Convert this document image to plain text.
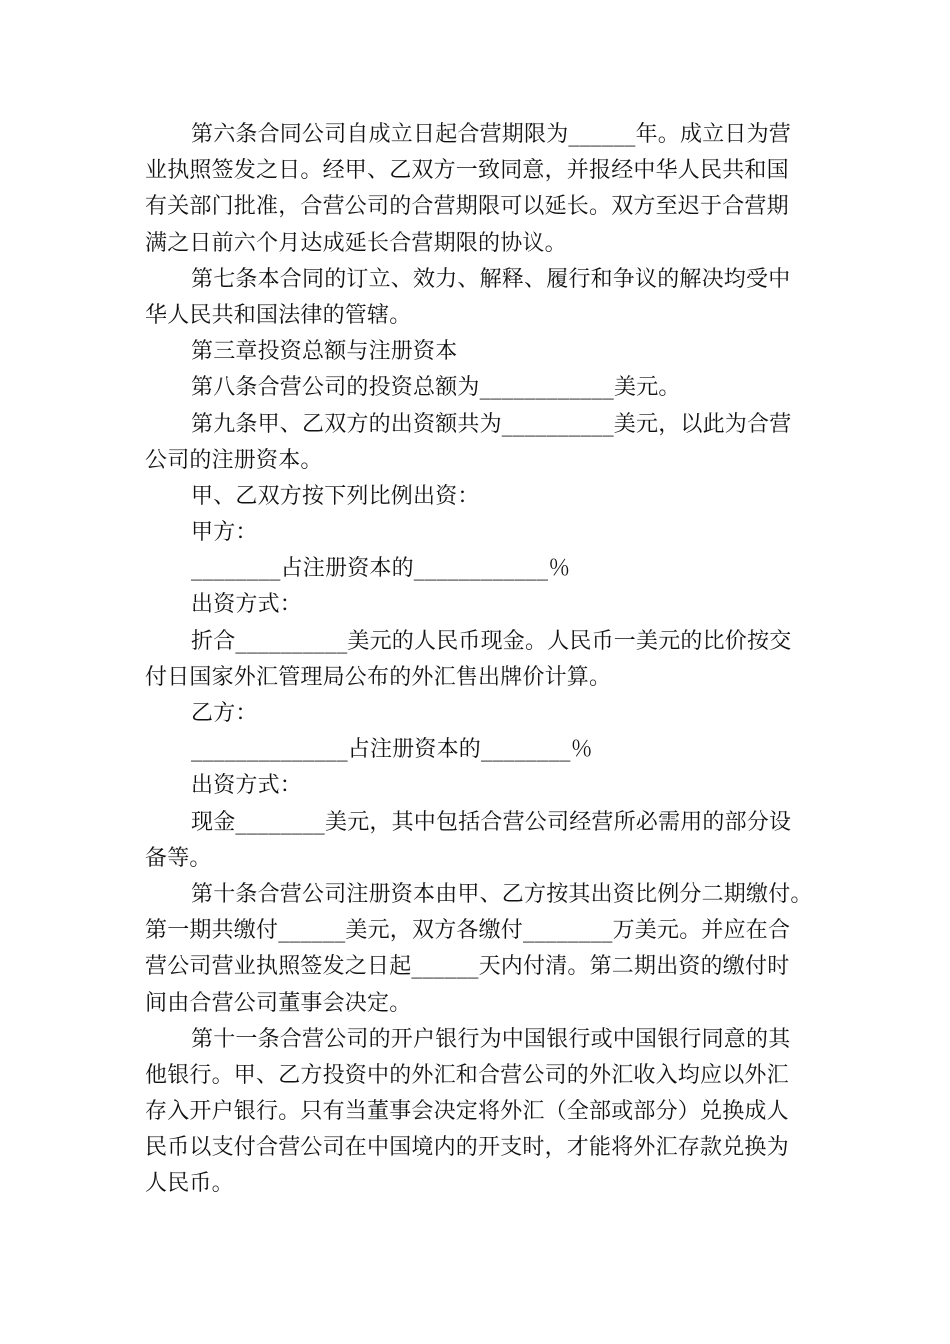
第六条合同公司自成立日起合营期限为______年。成立日为营
业执照签发之日。经甲、乙双方一致同意，并报经中华人民共和国
有关部门批准，合营公司的合营期限可以延长。双方至迟于合营期
满之日前六个月达成延长合营期限的协议。
第七条本合同的订立、效力、解释、履行和争议的解决均受中
华人民共和国法律的管辖。
第三章投资总额与注册资本
第八条合营公司的投资总额为____________美元。
第九条甲、乙双方的出资额共为__________美元，以此为合营
公司的注册资本。
甲、乙双方按下列比例出资：
甲方：
________占注册资本的____________％
出资方式：
折合__________美元的人民币现金。人民币一美元的比价按交
付日国家外汇管理局公布的外汇售出牌价计算。
乙方：
______________占注册资本的________％
出资方式：
现金________美元，其中包括合营公司经营所必需用的部分设
备等。
第十条合营公司注册资本由甲、乙方按其出资比例分二期缴付。
第一期共缴付______美元，双方各缴付________万美元。并应在合
营公司营业执照签发之日起______天内付清。第二期出资的缴付时
间由合营公司董事会决定。
第十一条合营公司的开户银行为中国银行或中国银行同意的其
他银行。甲、乙方投资中的外汇和合营公司的外汇收入均应以外汇
存入开户银行。只有当董事会决定将外汇（全部或部分）兑换成人
民币以支付合营公司在中国境内的开支时，才能将外汇存款兑换为
人民币。
